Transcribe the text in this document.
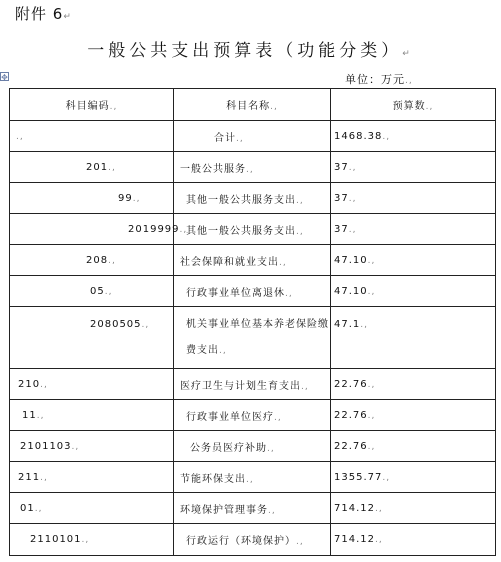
附件 6↵
一般公共支出预算表（功能分类）↵
✥	单位：万元.,
科目编码.,	科目名称.,	预算数.,
.,	合计.,	1468.38.,
201.,	一般公共服务.,	37.,
99.,	其他一般公共服务支出.,	37.,
2019999.,	其他一般公共服务支出.,	37.,
208.,	社会保障和就业支出.,	47.10.,
05.,	行政事业单位离退休.,	47.10.,
2080505.,	机关事业单位基本养老保险缴费支出.,	47.1.,
210.,	医疗卫生与计划生育支出.,	22.76.,
11.,	行政事业单位医疗.,	22.76.,
2101103.,	公务员医疗补助.,	22.76.,
211.,	节能环保支出.,	1355.77.,
01.,	环境保护管理事务.,	714.12.,
2110101.,	行政运行（环境保护）.,	714.12.,
